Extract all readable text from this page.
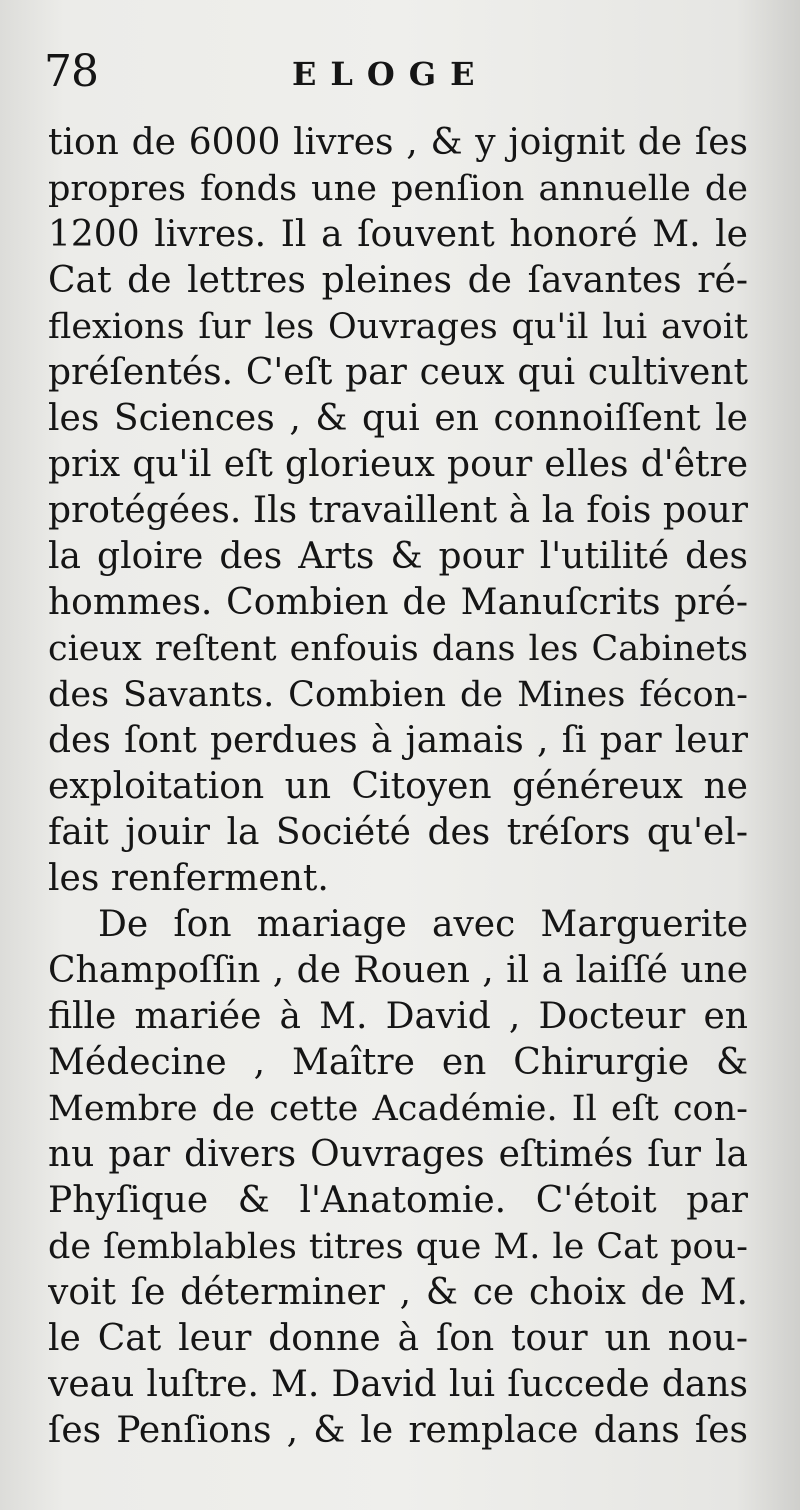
78	ELOGE
tion de 6000 livres , & y joignit de ſes
propres fonds une penſion annuelle de
1200 livres. Il a ſouvent honoré M. le
Cat de lettres pleines de ſavantes ré-
flexions ſur les Ouvrages qu'il lui avoit
préſentés. C'eſt par ceux qui cultivent
les Sciences , & qui en connoiſſent le
prix qu'il eſt glorieux pour elles d'être
protégées. Ils travaillent à la fois pour
la gloire des Arts & pour l'utilité des
hommes. Combien de Manuſcrits pré-
cieux reſtent enfouis dans les Cabinets
des Savants. Combien de Mines fécon-
des ſont perdues à jamais , ſi par leur
exploitation un Citoyen généreux ne
fait jouir la Société des tréſors qu'el-
les renferment.
De ſon mariage avec Marguerite
Champoſſin , de Rouen , il a laiſſé une
fille mariée à M. David , Docteur en
Médecine , Maître en Chirurgie &
Membre de cette Académie. Il eſt con-
nu par divers Ouvrages eſtimés ſur la
Phyſique & l'Anatomie. C'étoit par
de ſemblables titres que M. le Cat pou-
voit ſe déterminer , & ce choix de M.
le Cat leur donne à ſon tour un nou-
veau luſtre. M. David lui ſuccede dans
ſes Penſions , & le remplace dans ſes
